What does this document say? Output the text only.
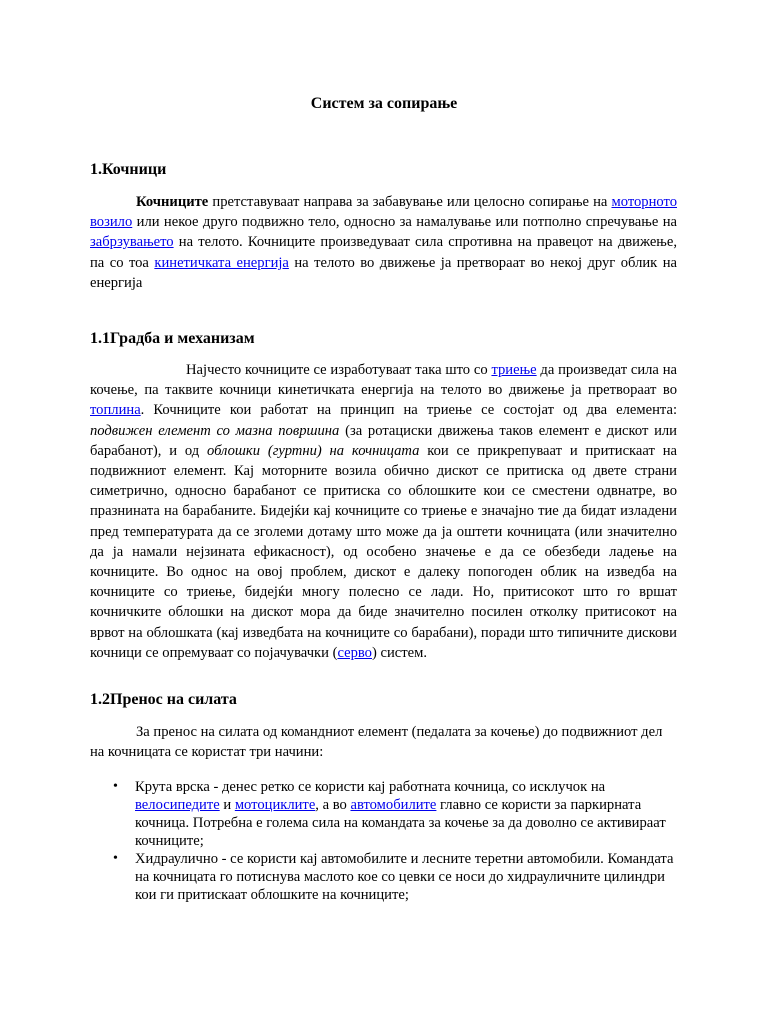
Систем за сопирање
1.Кочници

Кочниците претставуваат направа за забавување или целосно сопирање на моторното возило или некое друго подвижно тело, односно за намалување или потполно спречување на забрзувањето на телото. Кочниците произведуваат сила спротивна на правецот на движење, па со тоа кинетичката енергија на телото во движење ја претвораат во некој друг облик на енергија

1.1Градба и механизам

Најчесто кочниците се изработуваат така што со триење да произведат сила на кочење, па таквите кочници кинетичката енергија на телото во движење ја претвораат во топлина. Кочниците кои работат на принцип на триење се состојат од два елемента: подвижен елемент со мазна површина (за ротациски движења таков елемент е дискот или барабанот), и од облошки (гуртни) на кочницата кои се прикрепуваат и притискаат на подвижниот елемент. Кај моторните возила обично дискот се притиска од двете страни симетрично, односно барабанот се притиска со облошките кои се сместени одвнатре, во празнината на барабаните. Бидејќи кај кочниците со триење е значајно тие да бидат изладени пред температурата да се зголеми дотаму што може да ја оштети кочницата (или значително да ја намали нејзината ефикасност), од особено значење е да се обезбеди ладење на кочниците. Во однос на овој проблем, дискот е далеку попогоден облик на изведба на кочниците со триење, бидејќи многу полесно се лади. Но, притисокот што го вршат кочничките облошки на дискот мора да биде значително посилен отколку притисокот на врвот на облошката (кај изведбата на кочниците со барабани), поради што типичните дискови кочници се опремуваат со појачувачки (серво) систем.

1.2Пренос на силата

За пренос на силата од командниот елемент (педалата за кочење) до подвижниот дел на кочницата се користат три начини:

• Крута врска - денес ретко се користи кај работната кочница, со исклучок на велосипедите и мотоциклите, а во автомобилите главно се користи за паркирната кочница. Потребна е голема сила на командата за кочење за да доволно се активираат кочниците;
• Хидраулично - се користи кај автомобилите и лесните теретни автомобили. Командата на кочницата го потиснува маслото кое со цевки се носи до хидрауличните цилиндри кои ги притискаат облошките на кочниците;
